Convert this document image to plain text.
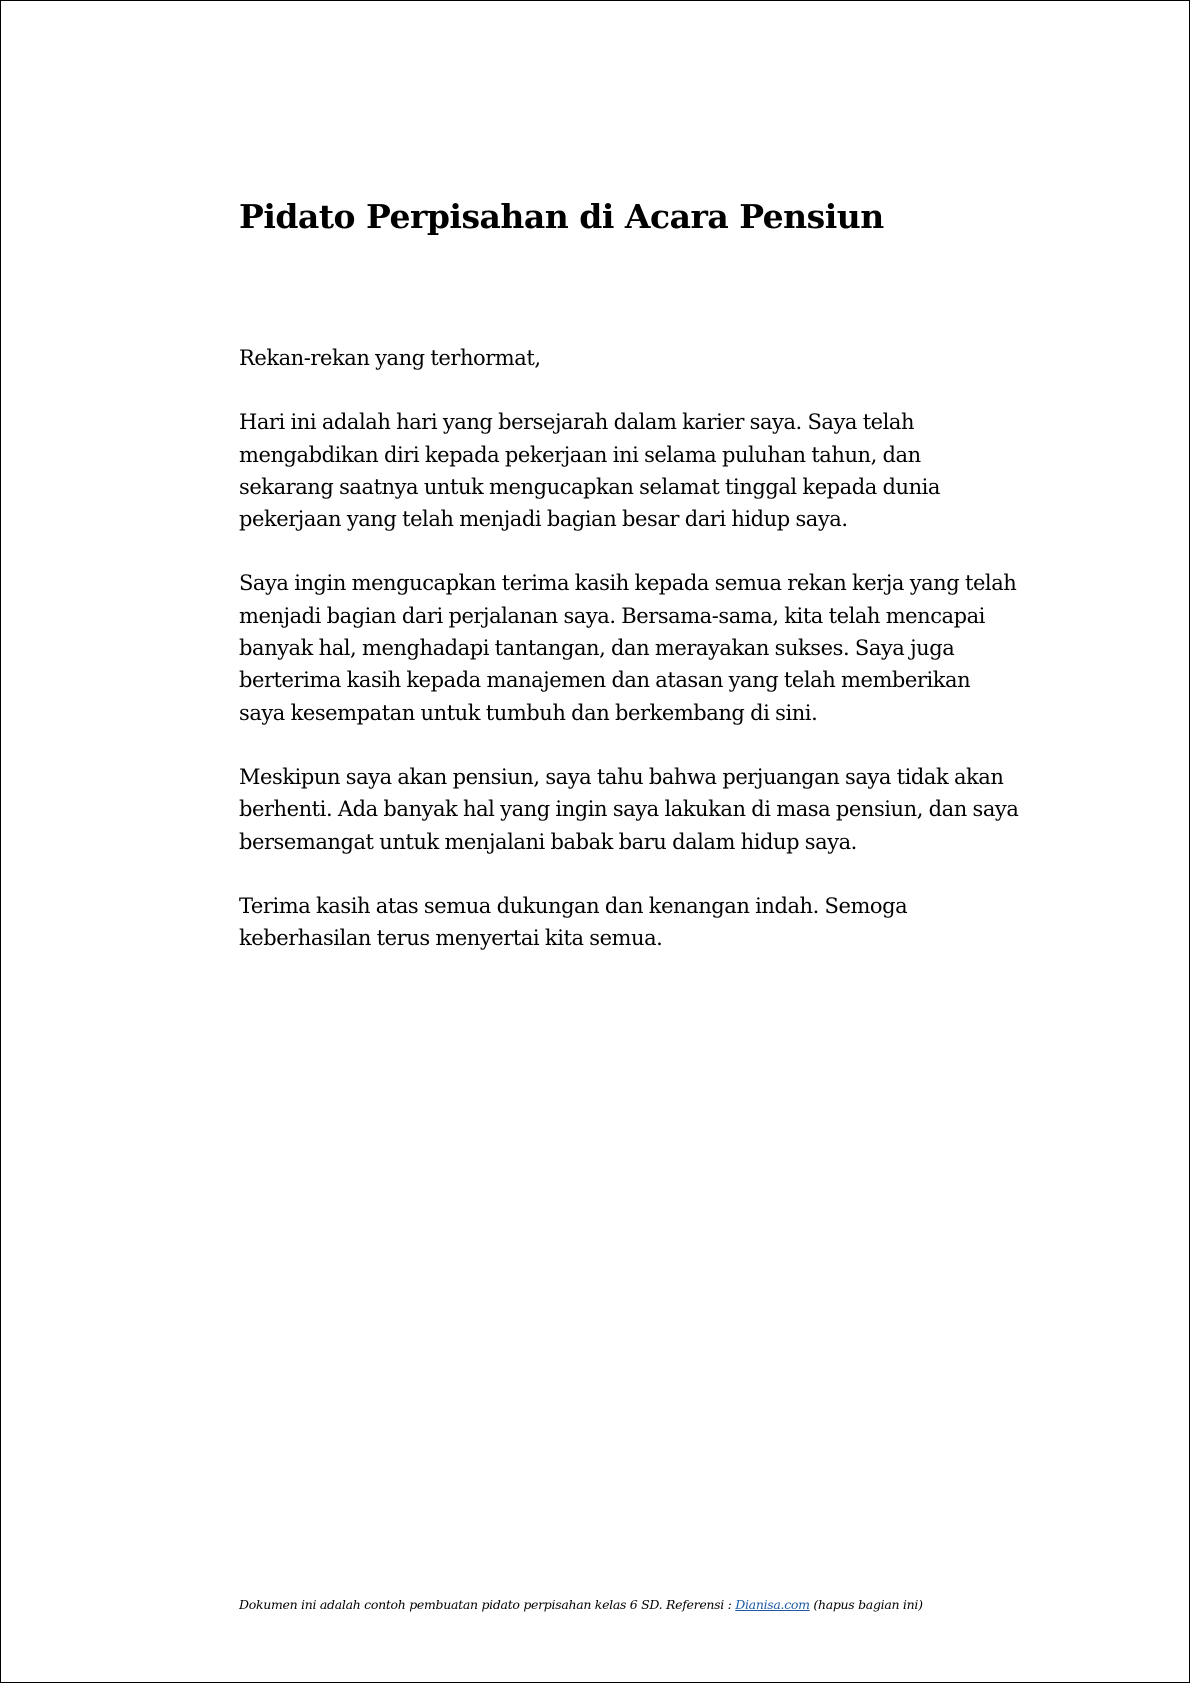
Pidato Perpisahan di Acara Pensiun

Rekan-rekan yang terhormat,

Hari ini adalah hari yang bersejarah dalam karier saya. Saya telah mengabdikan diri kepada pekerjaan ini selama puluhan tahun, dan sekarang saatnya untuk mengucapkan selamat tinggal kepada dunia pekerjaan yang telah menjadi bagian besar dari hidup saya.

Saya ingin mengucapkan terima kasih kepada semua rekan kerja yang telah menjadi bagian dari perjalanan saya. Bersama-sama, kita telah mencapai banyak hal, menghadapi tantangan, dan merayakan sukses. Saya juga berterima kasih kepada manajemen dan atasan yang telah memberikan saya kesempatan untuk tumbuh dan berkembang di sini.

Meskipun saya akan pensiun, saya tahu bahwa perjuangan saya tidak akan berhenti. Ada banyak hal yang ingin saya lakukan di masa pensiun, dan saya bersemangat untuk menjalani babak baru dalam hidup saya.

Terima kasih atas semua dukungan dan kenangan indah. Semoga keberhasilan terus menyertai kita semua.

Dokumen ini adalah contoh pembuatan pidato perpisahan kelas 6 SD. Referensi : Dianisa.com (hapus bagian ini)
